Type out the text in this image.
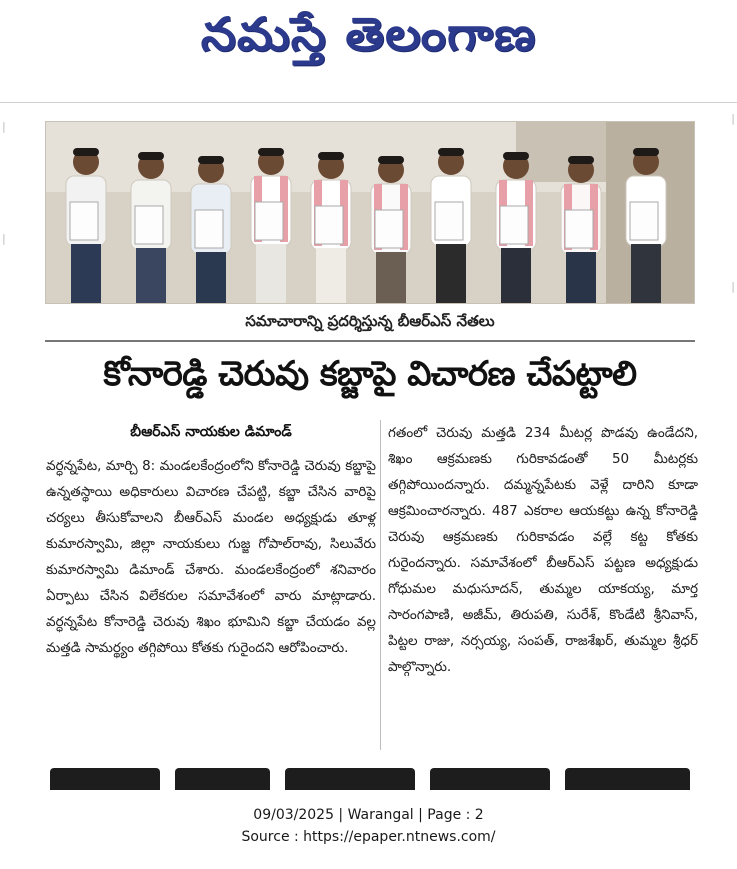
నమస్తే తెలంగాణ
|
|
|
|
సమాచారాన్ని ప్రదర్శిస్తున్న బీఆర్‌ఎస్ నేతలు
కోనారెడ్డి చెరువు కబ్జాపై విచారణ చేపట్టాలి
బీఆర్‌ఎస్ నాయకుల డిమాండ్

వర్ధన్నపేట, మార్చి 8: మండలకేంద్రంలోని కోనారెడ్డి చెరువు కబ్జాపై ఉన్నతస్థాయి అధికారులు విచారణ చేపట్టి, కబ్జా చేసిన వారిపై చర్యలు తీసుకోవాలని బీఆర్‌ఎస్ మండల అధ్యక్షుడు తూళ్ల కుమారస్వామి, జిల్లా నాయకులు గుజ్జ గోపాల్‌రావు, సిలువేరు కుమారస్వామి డిమాండ్ చేశారు. మండలకేంద్రంలో శనివారం ఏర్పాటు చేసిన విలేకరుల సమావేశంలో వారు మాట్లాడారు. వర్ధన్నపేట కోనారెడ్డి చెరువు శిఖం భూమిని కబ్జా చేయడం వల్ల మత్తడి సామర్థ్యం తగ్గిపోయి కోతకు గురైందని ఆరోపించారు.

గతంలో చెరువు మత్తడి 234 మీటర్ల పొడవు ఉండేదని, శిఖం ఆక్రమణకు గురికావడంతో 50 మీటర్లకు తగ్గిపోయిందన్నారు. దమ్మన్నపేటకు వెళ్లే దారిని కూడా ఆక్రమించారన్నారు. 487 ఎకరాల ఆయకట్టు ఉన్న కోనారెడ్డి చెరువు ఆక్రమణకు గురికావడం వల్లే కట్ట కోతకు గురైందన్నారు. సమావేశంలో బీఆర్‌ఎస్ పట్టణ అధ్యక్షుడు గోధుమల మధుసూదన్, తుమ్మల యాకయ్య, మార్త సారంగపాణి, అజీమ్, తిరుపతి, సురేశ్, కొండేటి శ్రీనివాస్, పిట్టల రాజు, నర్సయ్య, సంపత్, రాజశేఖర్, తుమ్మల శ్రీధర్ పాల్గొన్నారు.

09/03/2025 | Warangal | Page : 2
Source : https://epaper.ntnews.com/
